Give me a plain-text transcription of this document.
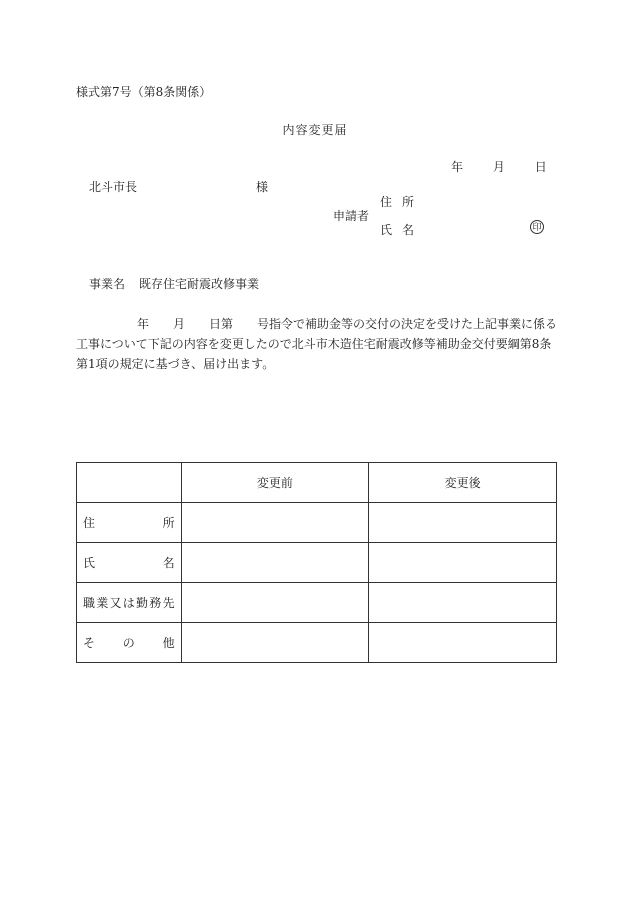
様式第7号（第8条関係）
内容変更届
年 月 日
北斗市長	様
申請者
住所
氏名	印
事業名 既存住宅耐震改修事業

年　　月　　日第　　号指令で補助金等の交付の決定を受けた上記事業に係る

工事について下記の内容を変更したので北斗市木造住宅耐震改修等補助金交付要綱第8条

第1項の規定に基づき、届け出ます。

	変更前	変更後
住所		
氏名		
職業又は勤務先		
その他		
